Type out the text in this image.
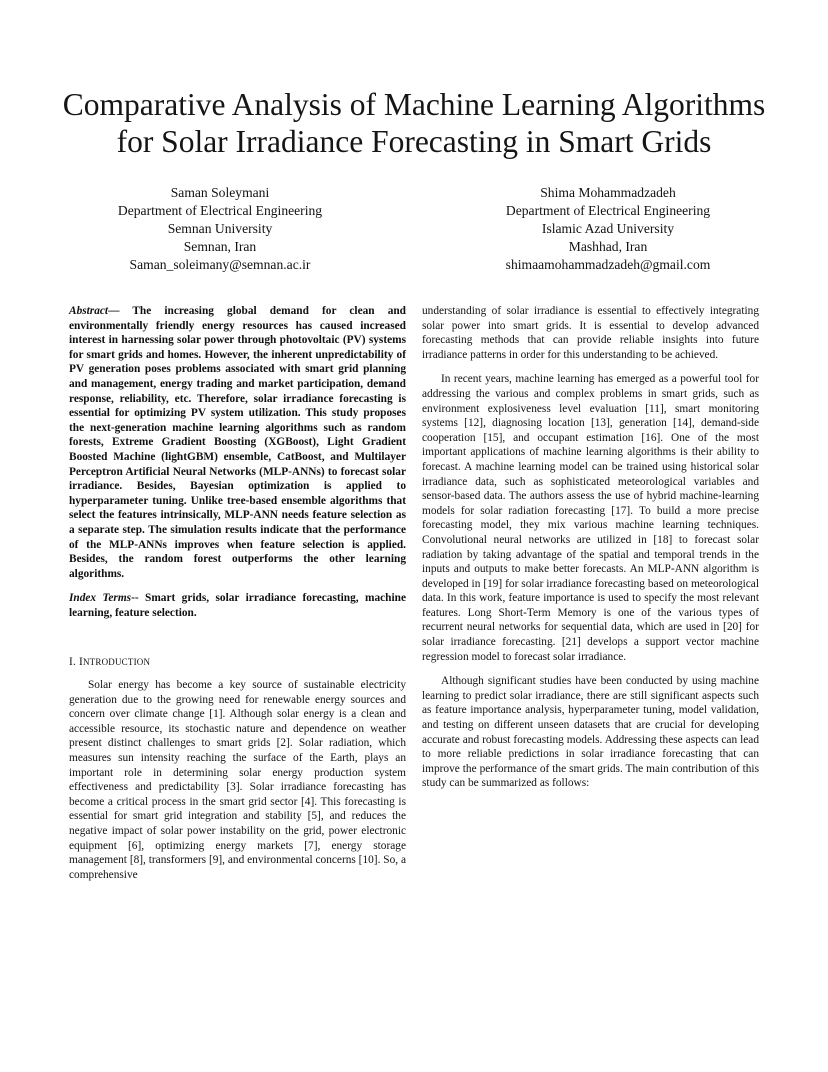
Comparative Analysis of Machine Learning Algorithms
for Solar Irradiance Forecasting in Smart Grids
Saman Soleymani
Department of Electrical Engineering
Semnan University
Semnan, Iran
Saman_soleimany@semnan.ac.ir
Shima Mohammadzadeh
Department of Electrical Engineering
Islamic Azad University
Mashhad, Iran
shimaamohammadzadeh@gmail.com

Abstract— The increasing global demand for clean and environmentally friendly energy resources has caused increased interest in harnessing solar power through photovoltaic (PV) systems for smart grids and homes. However, the inherent unpredictability of PV generation poses problems associated with smart grid planning and management, energy trading and market participation, demand response, reliability, etc. Therefore, solar irradiance forecasting is essential for optimizing PV system utilization. This study proposes the next-generation machine learning algorithms such as random forests, Extreme Gradient Boosting (XGBoost), Light Gradient Boosted Machine (lightGBM) ensemble, CatBoost, and Multilayer Perceptron Artificial Neural Networks (MLP-ANNs) to forecast solar irradiance. Besides, Bayesian optimization is applied to hyperparameter tuning. Unlike tree-based ensemble algorithms that select the features intrinsically, MLP-ANN needs feature selection as a separate step. The simulation results indicate that the performance of the MLP-ANNs improves when feature selection is applied. Besides, the random forest outperforms the other learning algorithms.

Index Terms-- Smart grids, solar irradiance forecasting, machine learning, feature selection.

I. INTRODUCTION

Solar energy has become a key source of sustainable electricity generation due to the growing need for renewable energy sources and concern over climate change [1]. Although solar energy is a clean and accessible resource, its stochastic nature and dependence on weather present distinct challenges to smart grids [2]. Solar radiation, which measures sun intensity reaching the surface of the Earth, plays an important role in determining solar energy production system effectiveness and predictability [3]. Solar irradiance forecasting has become a critical process in the smart grid sector [4]. This forecasting is essential for smart grid integration and stability [5], and reduces the negative impact of solar power instability on the grid, power electronic equipment [6], optimizing energy markets [7], energy storage management [8], transformers [9], and environmental concerns [10]. So, a comprehensive

understanding of solar irradiance is essential to effectively integrating solar power into smart grids. It is essential to develop advanced forecasting methods that can provide reliable insights into future irradiance patterns in order for this understanding to be achieved.

In recent years, machine learning has emerged as a powerful tool for addressing the various and complex problems in smart grids, such as environment explosiveness level evaluation [11], smart monitoring systems [12], diagnosing location [13], generation [14], demand-side cooperation [15], and occupant estimation [16]. One of the most important applications of machine learning algorithms is their ability to forecast. A machine learning model can be trained using historical solar irradiance data, such as sophisticated meteorological variables and sensor-based data. The authors assess the use of hybrid machine-learning models for solar radiation forecasting [17]. To build a more precise forecasting model, they mix various machine learning techniques. Convolutional neural networks are utilized in [18] to forecast solar radiation by taking advantage of the spatial and temporal trends in the inputs and outputs to make better forecasts. An MLP-ANN algorithm is developed in [19] for solar irradiance forecasting based on meteorological data. In this work, feature importance is used to specify the most relevant features. Long Short-Term Memory is one of the various types of recurrent neural networks for sequential data, which are used in [20] for solar irradiance forecasting. [21] develops a support vector machine regression model to forecast solar irradiance.

Although significant studies have been conducted by using machine learning to predict solar irradiance, there are still significant aspects such as feature importance analysis, hyperparameter tuning, model validation, and testing on different unseen datasets that are crucial for developing accurate and robust forecasting models. Addressing these aspects can lead to more reliable predictions in solar irradiance forecasting that can improve the performance of the smart grids. The main contribution of this study can be summarized as follows:
